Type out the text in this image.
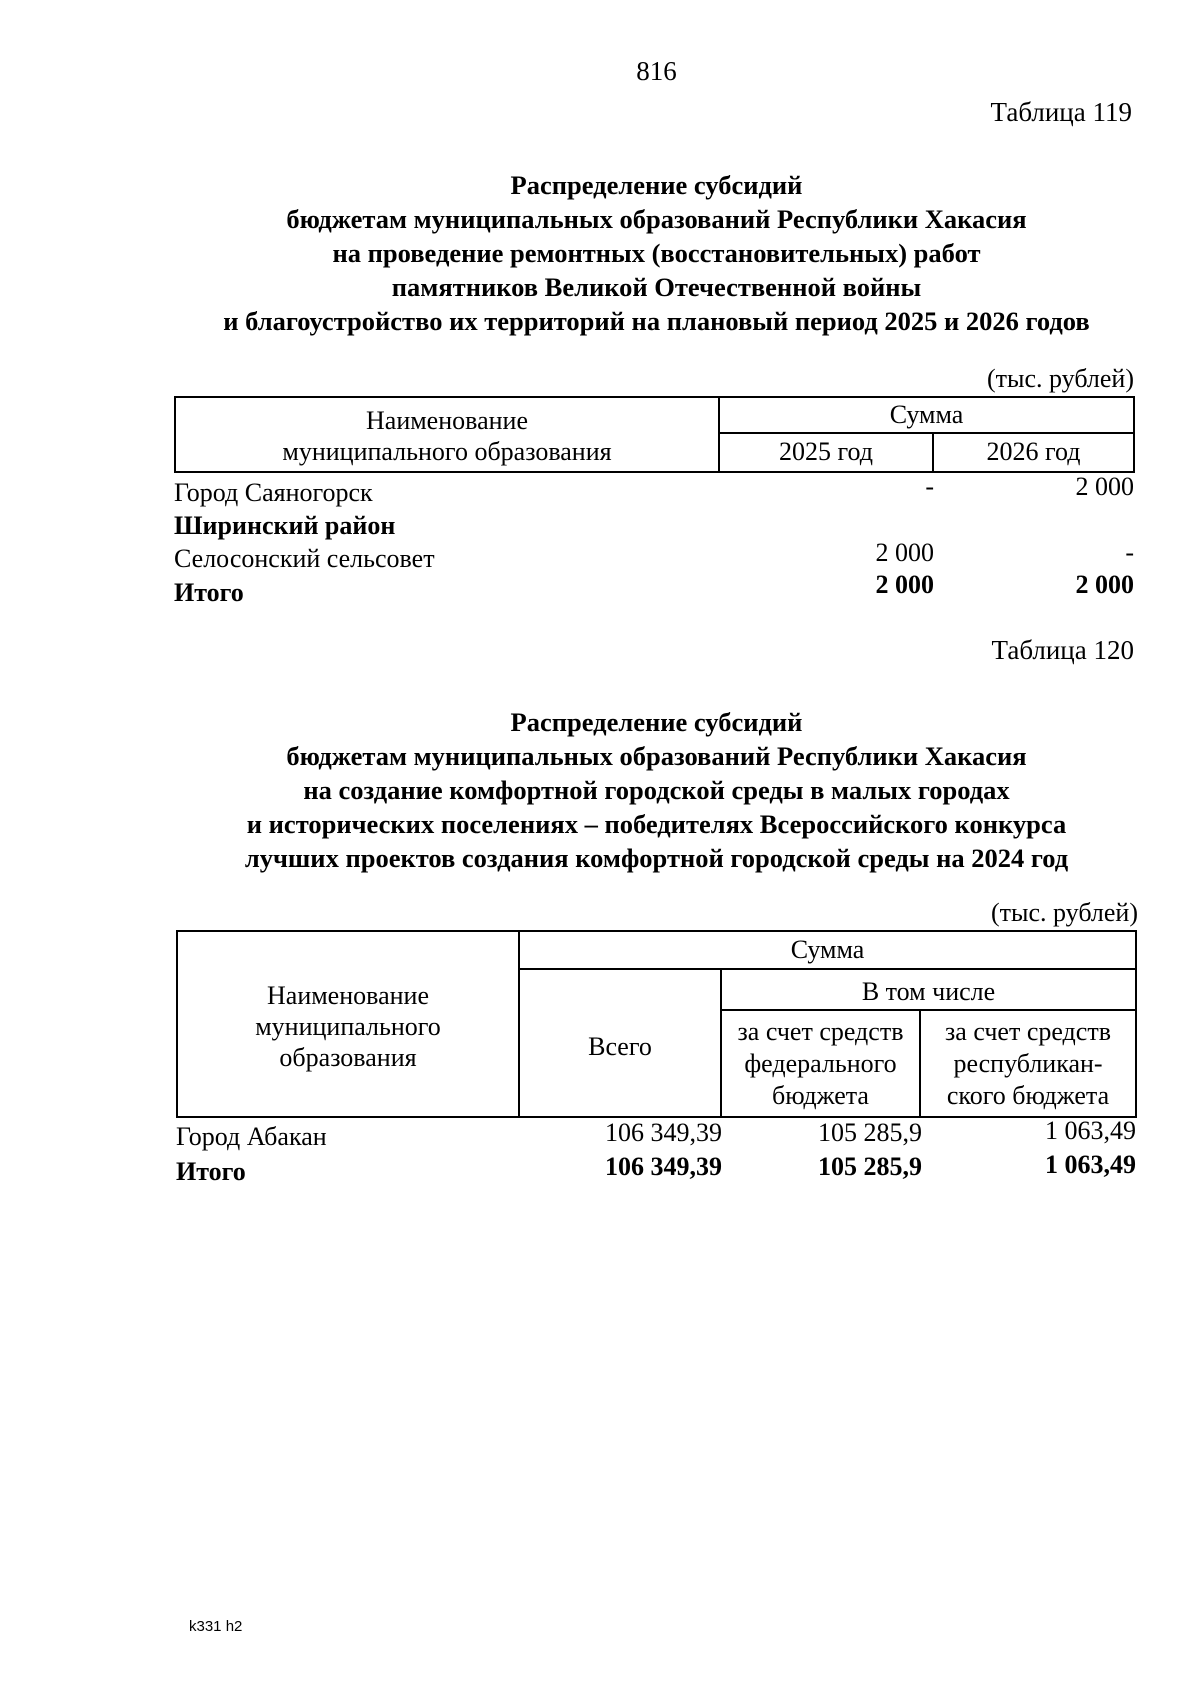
816
Таблица 119
Распределение субсидий
бюджетам муниципальных образований Республики Хакасия
на проведение ремонтных (восстановительных) работ
памятников Великой Отечественной войны
и благоустройство их территорий на плановый период 2025 и 2026 годов
(тыс. рублей)
Наименование
муниципального образования
Сумма
2025 год	2026 год
Город Саяногорск	-	2 000
Ширинский район
Селосонский сельсовет	2 000	-
Итого	2 000	2 000
Таблица 120
Распределение субсидий
бюджетам муниципальных образований Республики Хакасия
на создание комфортной городской среды в малых городах
и исторических поселениях – победителях Всероссийского конкурса
лучших проектов создания комфортной городской среды на 2024 год
(тыс. рублей)
Наименование
муниципального
образования
Сумма
Всего
В том числе
за счет средств
федерального
бюджета
за счет средств
республикан-
ского бюджета
Город Абакан	106 349,39	105 285,9	1 063,49
Итого	106 349,39	105 285,9	1 063,49
k331 h2
